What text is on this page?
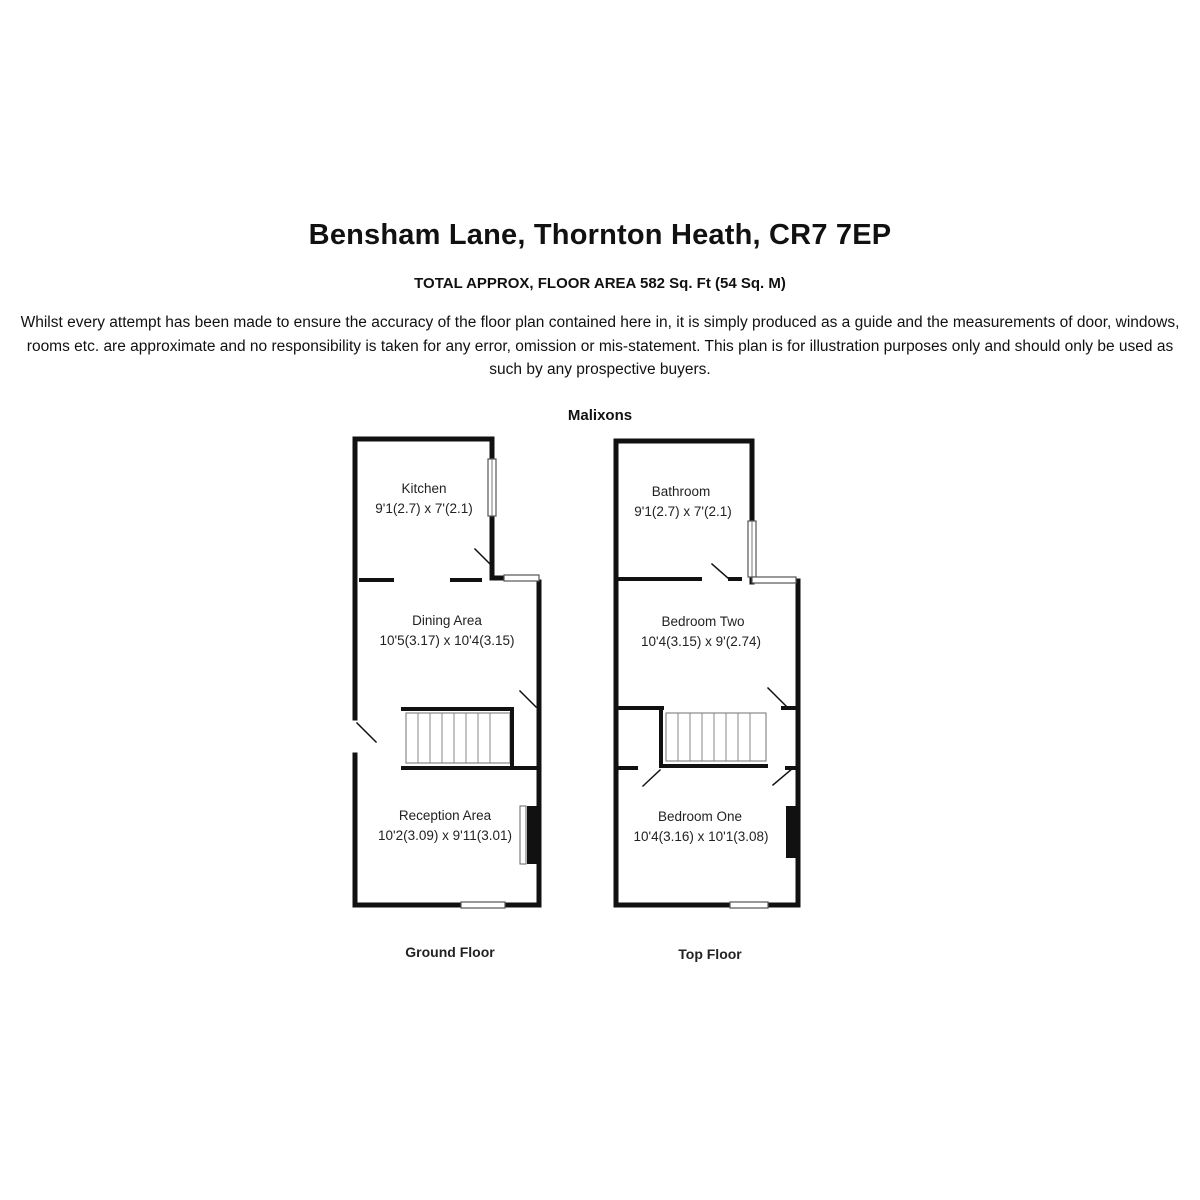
Bensham Lane, Thornton Heath, CR7 7EP
TOTAL APPROX, FLOOR AREA 582 Sq. Ft (54 Sq. M)
Whilst every attempt has been made to ensure the accuracy of the floor plan contained here in, it is simply produced as a guide and the measurements of door, windows, rooms etc. are approximate and no responsibility is taken for any error, omission or mis-statement. This plan is for illustration purposes only and should only be used as such by any prospective buyers.
Malixons
Kitchen
9'1(2.7) x 7'(2.1)
Dining Area
10'5(3.17) x 10'4(3.15)
Reception Area
10'2(3.09) x 9'11(3.01)
Ground Floor
Bathroom
9'1(2.7) x 7'(2.1)
Bedroom Two
10'4(3.15) x 9'(2.74)
Bedroom One
10'4(3.16) x 10'1(3.08)
Top Floor
